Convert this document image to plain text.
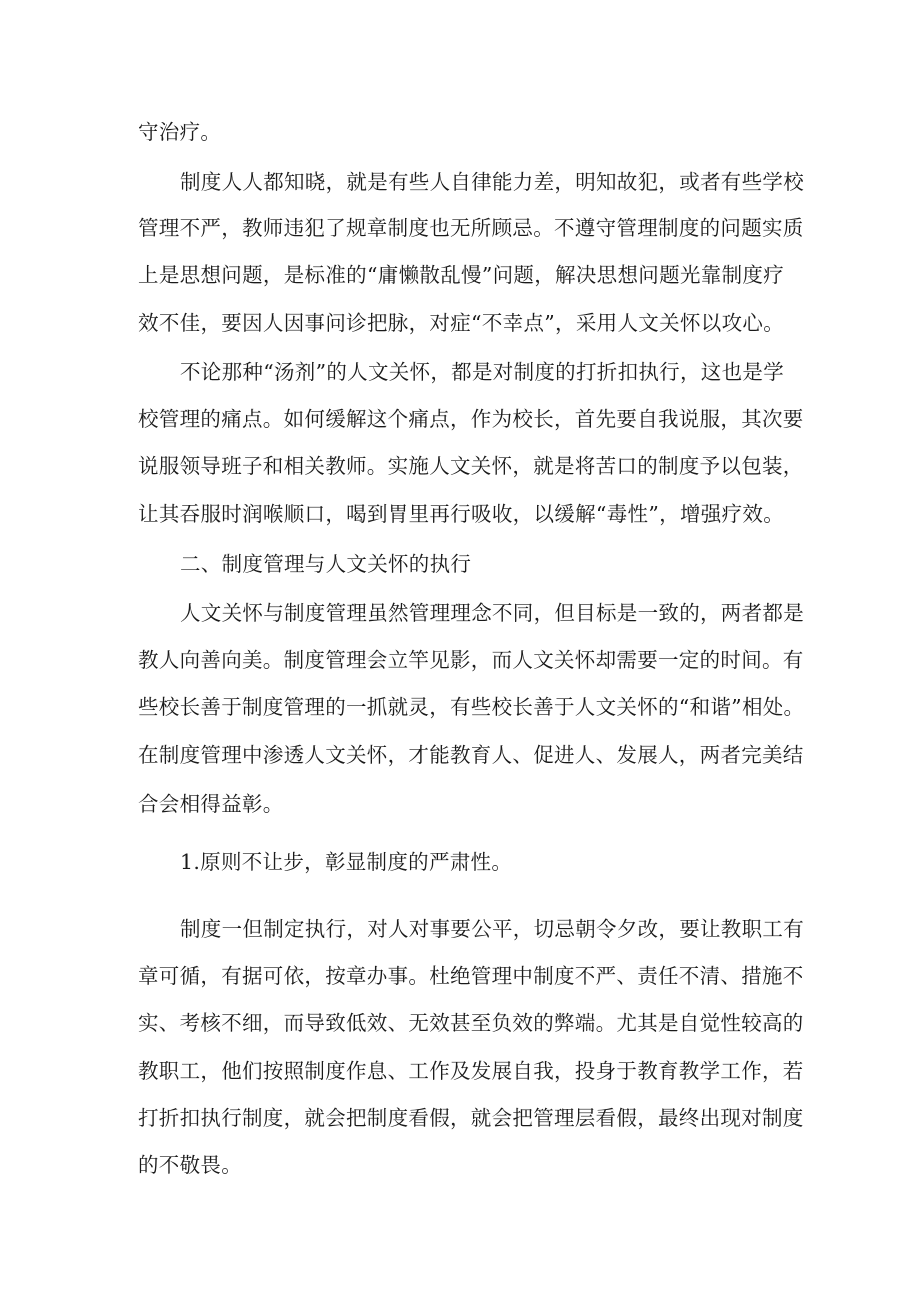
守治疗。
制度人人都知晓，就是有些人自律能力差，明知故犯，或者有些学校
管理不严，教师违犯了规章制度也无所顾忌。不遵守管理制度的问题实质
上是思想问题，是标准的“庸懒散乱慢”问题，解决思想问题光靠制度疗
效不佳，要因人因事问诊把脉，对症“不幸点”，采用人文关怀以攻心。
不论那种“汤剂”的人文关怀，都是对制度的打折扣执行，这也是学
校管理的痛点。如何缓解这个痛点，作为校长，首先要自我说服，其次要
说服领导班子和相关教师。实施人文关怀，就是将苦口的制度予以包装，
让其吞服时润喉顺口，喝到胃里再行吸收，以缓解“毒性”，增强疗效。
二、制度管理与人文关怀的执行
人文关怀与制度管理虽然管理理念不同，但目标是一致的，两者都是
教人向善向美。制度管理会立竿见影，而人文关怀却需要一定的时间。有
些校长善于制度管理的一抓就灵，有些校长善于人文关怀的“和谐”相处。
在制度管理中渗透人文关怀，才能教育人、促进人、发展人，两者完美结
合会相得益彰。
1.原则不让步，彰显制度的严肃性。
制度一但制定执行，对人对事要公平，切忌朝令夕改，要让教职工有
章可循，有据可依，按章办事。杜绝管理中制度不严、责任不清、措施不
实、考核不细，而导致低效、无效甚至负效的弊端。尤其是自觉性较高的
教职工，他们按照制度作息、工作及发展自我，投身于教育教学工作，若
打折扣执行制度，就会把制度看假，就会把管理层看假，最终出现对制度
的不敬畏。
